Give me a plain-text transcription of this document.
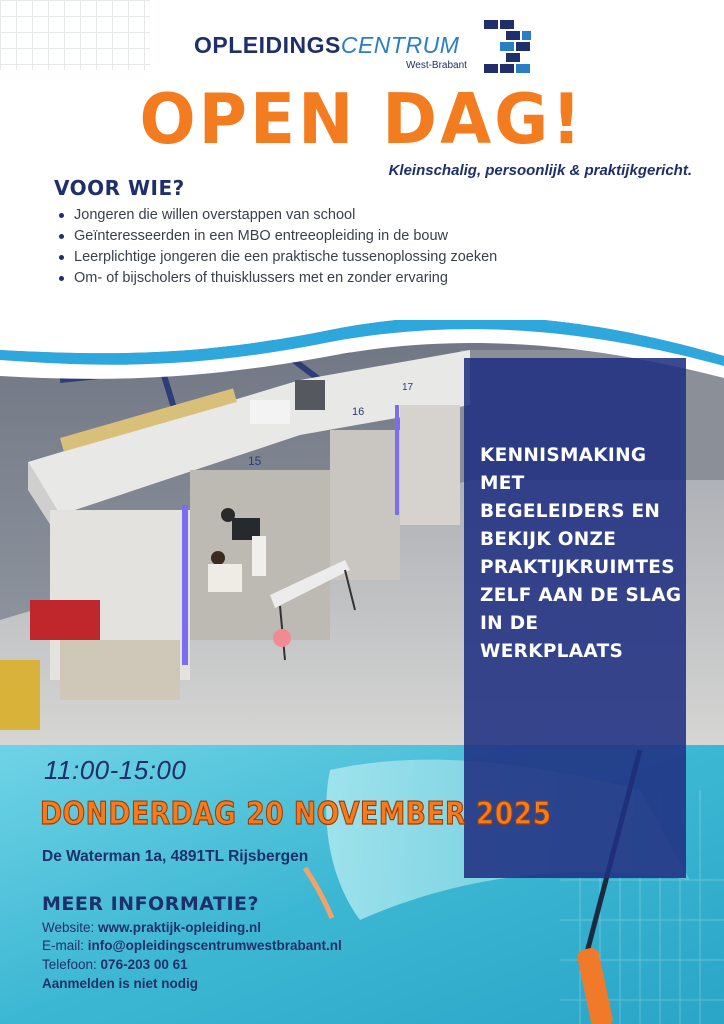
OPLEIDINGSCENTRUM
West-Brabant
OPEN DAG!
Kleinschalig, persoonlijk & praktijkgericht.
VOOR WIE?
Jongeren die willen overstappen van school
Geïnteresseerden in een MBO entreeopleiding in de bouw
Leerplichtige jongeren die een praktische tussenoplossing zoeken
Om- of bijscholers of thuisklussers met en zonder ervaring
15
16
17
KENNISMAKING MET
BEGELEIDERS EN
BEKIJK ONZE
PRAKTIJKRUIMTES
ZELF AAN DE SLAG
IN DE WERKPLAATS
11:00-15:00
DONDERDAG 20 NOVEMBER 2025
De Waterman 1a, 4891TL Rijsbergen
MEER INFORMATIE?
Website: www.praktijk-opleiding.nl
E-mail: info@opleidingscentrumwestbrabant.nl
Telefoon: 076-203 00 61
Aanmelden is niet nodig
